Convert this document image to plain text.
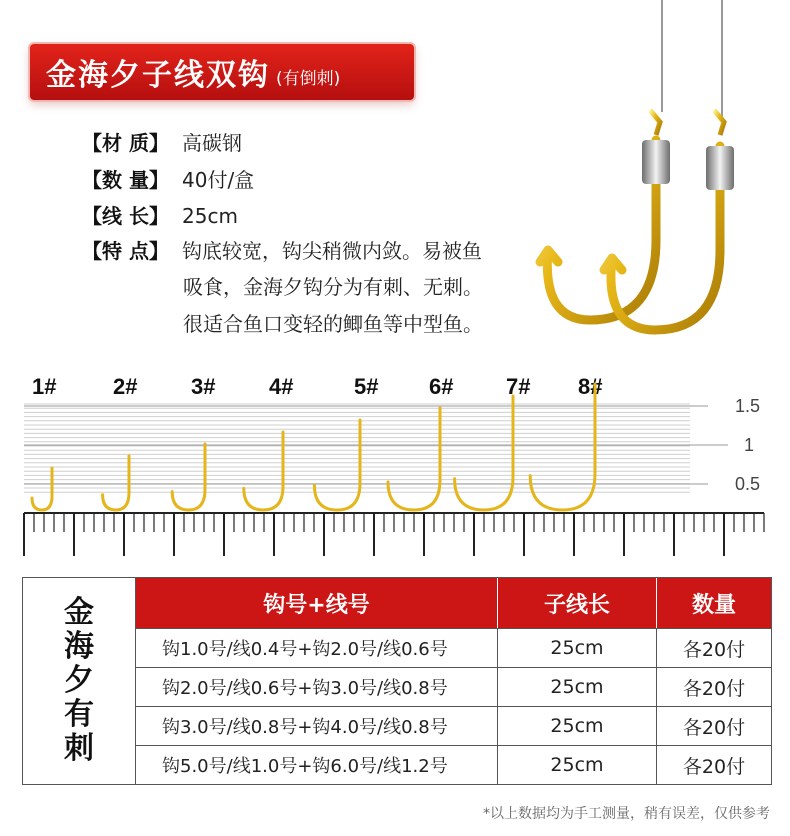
金海夕子线双钩 (有倒刺)
【材 质】 高碳钢
【数 量】 40付/盒
【线 长】 25cm
【特 点】 钩底较宽，钩尖稍微内敛。易被鱼
吸食，金海夕钩分为有刺、无刺。
很适合鱼口变轻的鲫鱼等中型鱼。
1#	2# 3# 4#	5# 6# 7# 8#
1.5
1
0.5
金海夕有刺
钩号+线号	子线长	数量
钩1.0号/线0.4号+钩2.0号/线0.6号	25cm	各20付
钩2.0号/线0.6号+钩3.0号/线0.8号	25cm	各20付
钩3.0号/线0.8号+钩4.0号/线0.8号	25cm	各20付
钩5.0号/线1.0号+钩6.0号/线1.2号	25cm	各20付
*以上数据均为手工测量，稍有误差，仅供参考
